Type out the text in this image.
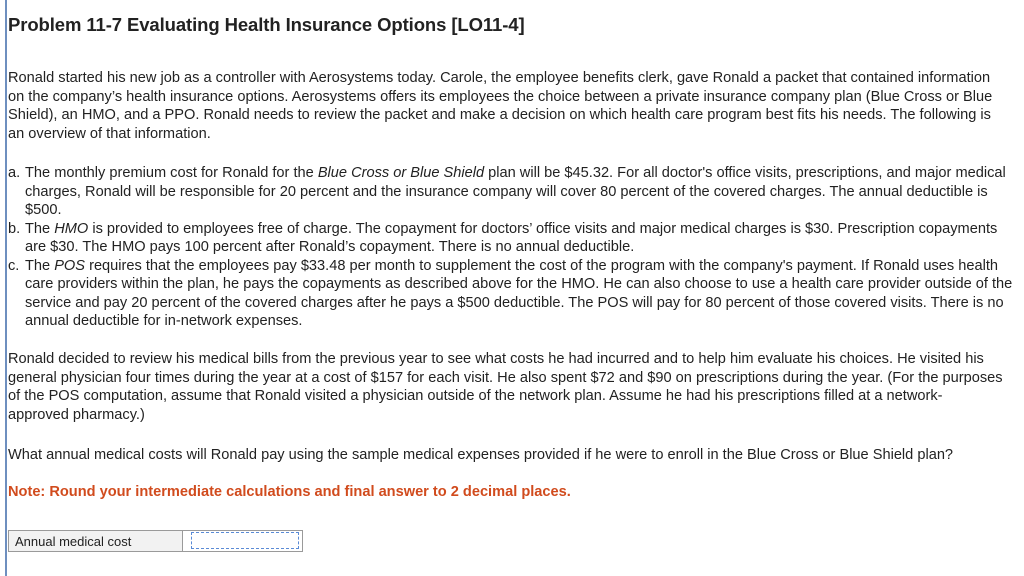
Problem 11-7 Evaluating Health Insurance Options [LO11-4]

Ronald started his new job as a controller with Aerosystems today. Carole, the employee benefits clerk, gave Ronald a packet that contained information on the company’s health insurance options. Aerosystems offers its employees the choice between a private insurance company plan (Blue Cross or Blue Shield), an HMO, and a PPO. Ronald needs to review the packet and make a decision on which health care program best fits his needs. The following is an overview of that information.

a. The monthly premium cost for Ronald for the Blue Cross or Blue Shield plan will be $45.32. For all doctor's office visits, prescriptions, and major medical charges, Ronald will be responsible for 20 percent and the insurance company will cover 80 percent of the covered charges. The annual deductible is $500.
b. The HMO is provided to employees free of charge. The copayment for doctors’ office visits and major medical charges is $30. Prescription copayments are $30. The HMO pays 100 percent after Ronald’s copayment. There is no annual deductible.
c. The POS requires that the employees pay $33.48 per month to supplement the cost of the program with the company's payment. If Ronald uses health care providers within the plan, he pays the copayments as described above for the HMO. He can also choose to use a health care provider outside of the service and pay 20 percent of the covered charges after he pays a $500 deductible. The POS will pay for 80 percent of those covered visits. There is no annual deductible for in-network expenses.

Ronald decided to review his medical bills from the previous year to see what costs he had incurred and to help him evaluate his choices. He visited his general physician four times during the year at a cost of $157 for each visit. He also spent $72 and $90 on prescriptions during the year. (For the purposes of the POS computation, assume that Ronald visited a physician outside of the network plan. Assume he had his prescriptions filled at a network-approved pharmacy.)

What annual medical costs will Ronald pay using the sample medical expenses provided if he were to enroll in the Blue Cross or Blue Shield plan?

Note: Round your intermediate calculations and final answer to 2 decimal places.
Annual medical cost	
